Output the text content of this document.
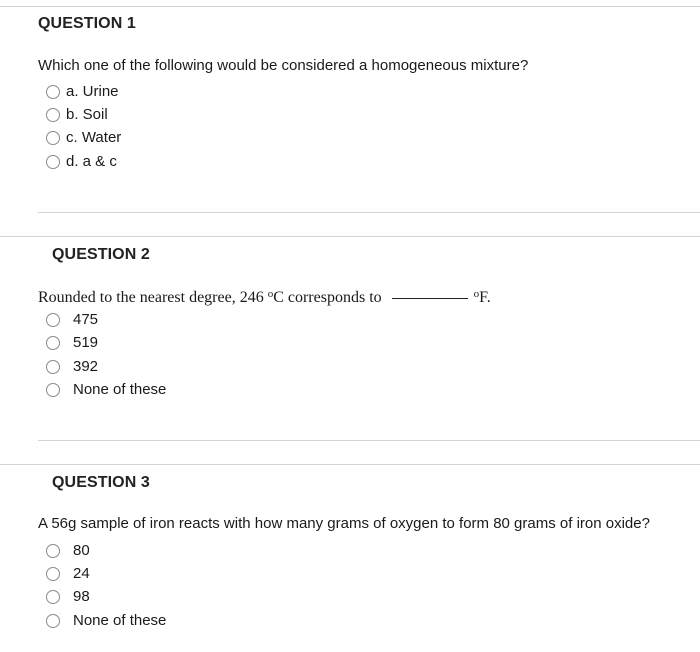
QUESTION 1
Which one of the following would be considered a homogeneous mixture?
a. Urine
b. Soil
c. Water
d. a & c
QUESTION 2
Rounded to the nearest degree, 246 $^o$C corresponds to	$^o$F.
475
519
392
None of these
QUESTION 3
A 56g sample of iron reacts with how many grams of oxygen to form 80 grams of iron oxide?
80
24
98
None of these
